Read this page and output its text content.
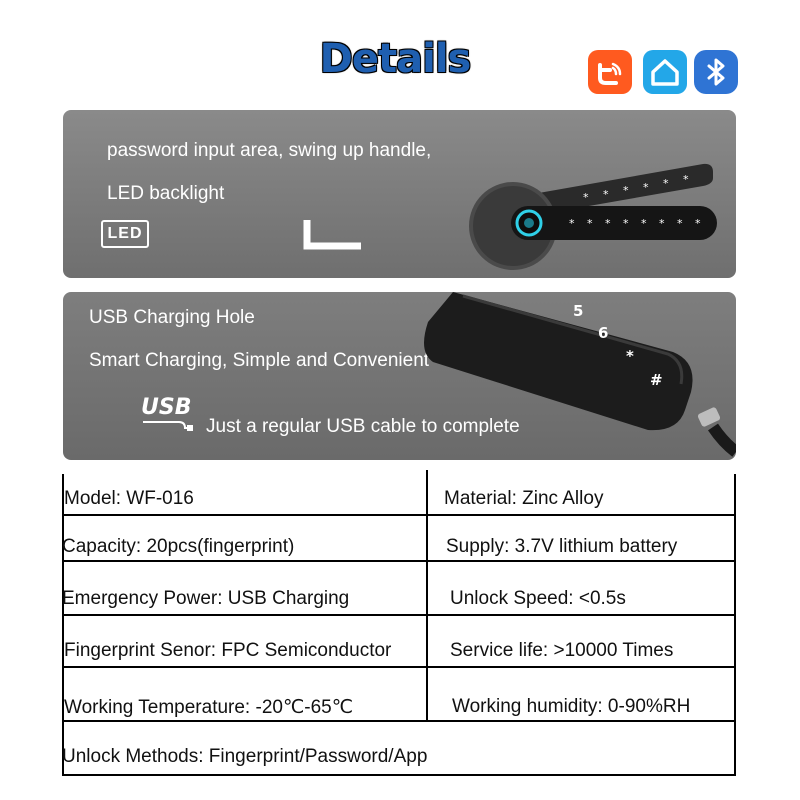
Details
password input area, swing up handle,
LED backlight
LED
* * * * * * * *
* * * * * *
USB Charging Hole
Smart Charging, Simple and Convenient
USB
Just a regular USB cable to complete
5
6
*
#
Model: WF-016	Material: Zinc Alloy
Capacity: 20pcs(fingerprint)	Supply: 3.7V lithium battery
Emergency Power: USB Charging	Unlock Speed: <0.5s
Fingerprint Senor: FPC Semiconductor	Service life: >10000 Times
Working Temperature: -20℃-65℃	Working humidity: 0-90%RH
Unlock Methods: Fingerprint/Password/App
